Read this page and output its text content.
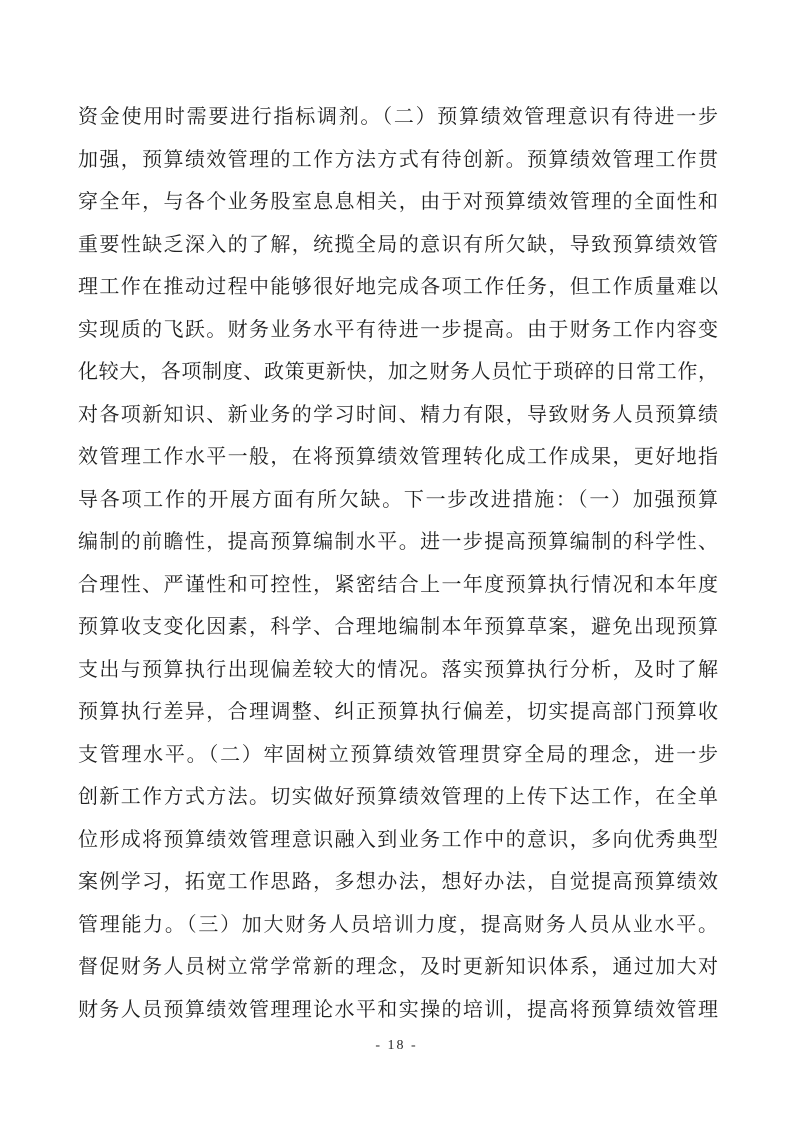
资金使用时需要进行指标调剂。（二）预算绩效管理意识有待进一步
加强，预算绩效管理的工作方法方式有待创新。预算绩效管理工作贯
穿全年，与各个业务股室息息相关，由于对预算绩效管理的全面性和
重要性缺乏深入的了解，统揽全局的意识有所欠缺，导致预算绩效管
理工作在推动过程中能够很好地完成各项工作任务，但工作质量难以
实现质的飞跃。财务业务水平有待进一步提高。由于财务工作内容变
化较大，各项制度、政策更新快，加之财务人员忙于琐碎的日常工作，
对各项新知识、新业务的学习时间、精力有限，导致财务人员预算绩
效管理工作水平一般，在将预算绩效管理转化成工作成果，更好地指
导各项工作的开展方面有所欠缺。下一步改进措施：（一）加强预算
编制的前瞻性，提高预算编制水平。进一步提高预算编制的科学性、
合理性、严谨性和可控性，紧密结合上一年度预算执行情况和本年度
预算收支变化因素，科学、合理地编制本年预算草案，避免出现预算
支出与预算执行出现偏差较大的情况。落实预算执行分析，及时了解
预算执行差异，合理调整、纠正预算执行偏差，切实提高部门预算收
支管理水平。（二）牢固树立预算绩效管理贯穿全局的理念，进一步
创新工作方式方法。切实做好预算绩效管理的上传下达工作，在全单
位形成将预算绩效管理意识融入到业务工作中的意识，多向优秀典型
案例学习，拓宽工作思路，多想办法，想好办法，自觉提高预算绩效
管理能力。（三）加大财务人员培训力度，提高财务人员从业水平。
督促财务人员树立常学常新的理念，及时更新知识体系，通过加大对
财务人员预算绩效管理理论水平和实操的培训，提高将预算绩效管理
- 18 -
